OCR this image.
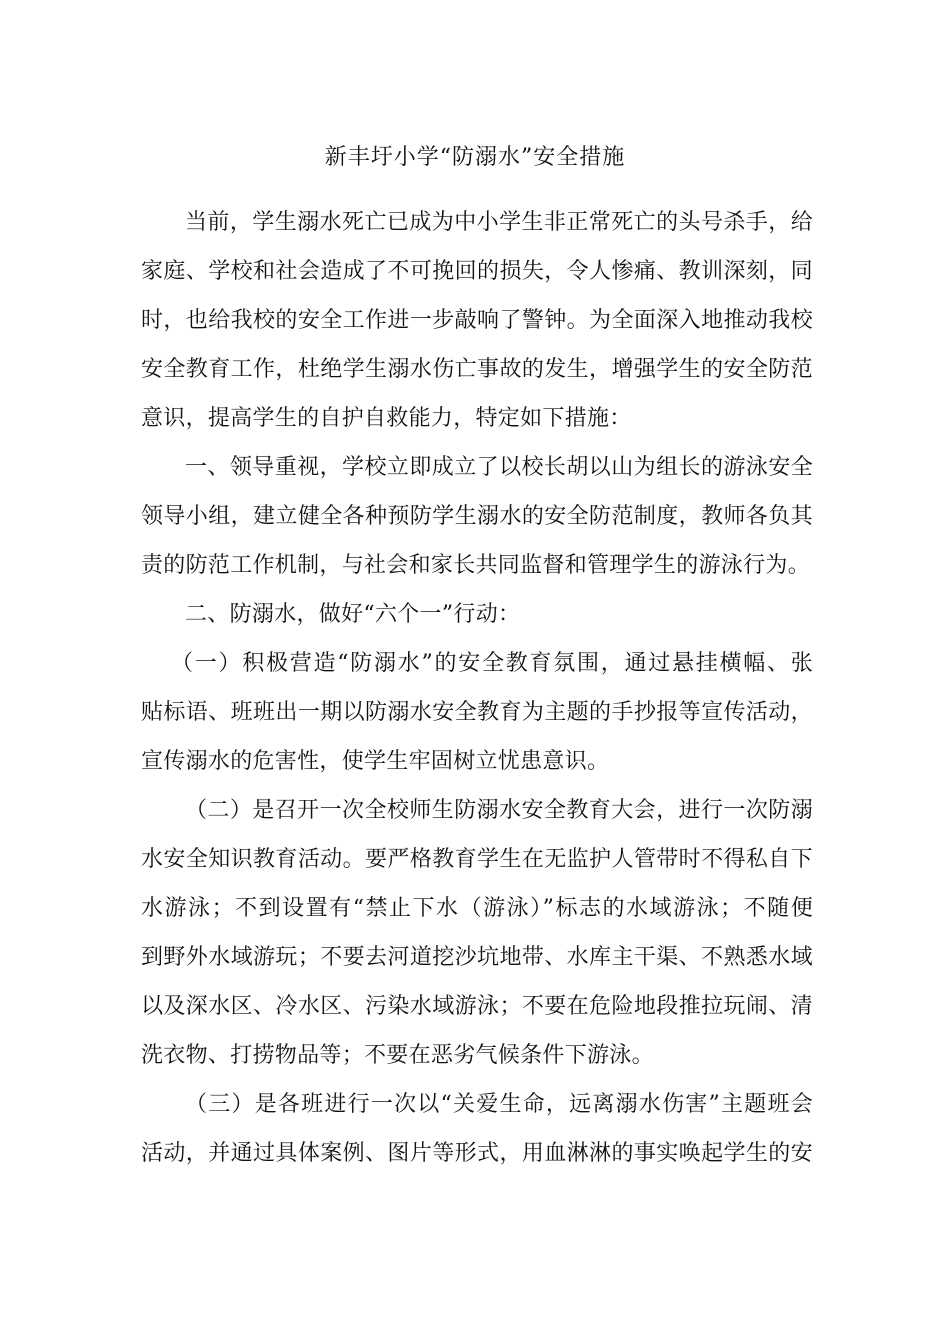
新丰圩小学“防溺水”安全措施
当前，学生溺水死亡已成为中小学生非正常死亡的头号杀手，给
家庭、学校和社会造成了不可挽回的损失，令人惨痛、教训深刻，同
时，也给我校的安全工作进一步敲响了警钟。为全面深入地推动我校
安全教育工作，杜绝学生溺水伤亡事故的发生，增强学生的安全防范
意识，提高学生的自护自救能力，特定如下措施：
一、领导重视，学校立即成立了以校长胡以山为组长的游泳安全
领导小组，建立健全各种预防学生溺水的安全防范制度，教师各负其
责的防范工作机制，与社会和家长共同监督和管理学生的游泳行为。
二、防溺水，做好“六个一”行动：
（一）积极营造“防溺水”的安全教育氛围，通过悬挂横幅、张
贴标语、班班出一期以防溺水安全教育为主题的手抄报等宣传活动，
宣传溺水的危害性，使学生牢固树立忧患意识。
（二）是召开一次全校师生防溺水安全教育大会，进行一次防溺
水安全知识教育活动。要严格教育学生在无监护人管带时不得私自下
水游泳；不到设置有“禁止下水（游泳）”标志的水域游泳；不随便
到野外水域游玩；不要去河道挖沙坑地带、水库主干渠、不熟悉水域
以及深水区、冷水区、污染水域游泳；不要在危险地段推拉玩闹、清
洗衣物、打捞物品等；不要在恶劣气候条件下游泳。
（三）是各班进行一次以“关爱生命，远离溺水伤害”主题班会
活动，并通过具体案例、图片等形式，用血淋淋的事实唤起学生的安
